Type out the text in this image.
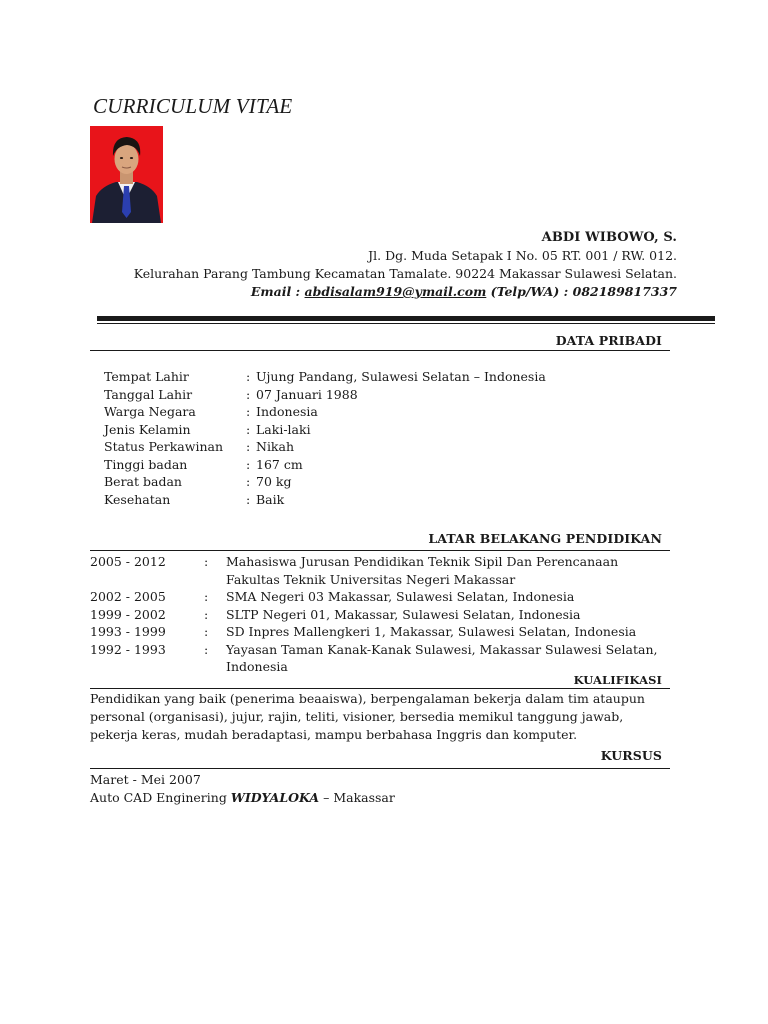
CURRICULUM VITAE
ABDI WIBOWO, S.
Jl. Dg. Muda Setapak I No. 05 RT. 001 / RW. 012.
Kelurahan Parang Tambung Kecamatan Tamalate. 90224 Makassar Sulawesi Selatan.
Email : abdisalam919@ymail.com (Telp/WA) : 082189817337
DATA PRIBADI
Tempat Lahir	: Ujung Pandang, Sulawesi Selatan – Indonesia
Tanggal Lahir	: 07 Januari 1988
Warga Negara	: Indonesia
Jenis Kelamin	: Laki-laki
Status Perkawinan	: Nikah
Tinggi badan	: 167 cm
Berat badan	: 70 kg
Kesehatan	: Baik
LATAR BELAKANG PENDIDIKAN
2005 - 2012	:	Mahasiswa Jurusan Pendidikan Teknik Sipil Dan Perencanaan Fakultas Teknik Universitas Negeri Makassar
2002 - 2005	:	SMA Negeri 03 Makassar, Sulawesi Selatan, Indonesia
1999 - 2002	:	SLTP Negeri 01, Makassar, Sulawesi Selatan, Indonesia
1993 - 1999	:	SD Inpres Mallengkeri 1, Makassar, Sulawesi Selatan, Indonesia
1992 - 1993	:	Yayasan Taman Kanak-Kanak Sulawesi, Makassar Sulawesi Selatan, Indonesia
KUALIFIKASI
Pendidikan yang baik (penerima beaaiswa), berpengalaman bekerja dalam tim ataupun personal (organisasi), jujur, rajin, teliti, visioner, bersedia memikul tanggung jawab, pekerja keras, mudah beradaptasi, mampu berbahasa Inggris dan komputer.
KURSUS
Maret - Mei 2007
Auto CAD Enginering WIDYALOKA – Makassar
